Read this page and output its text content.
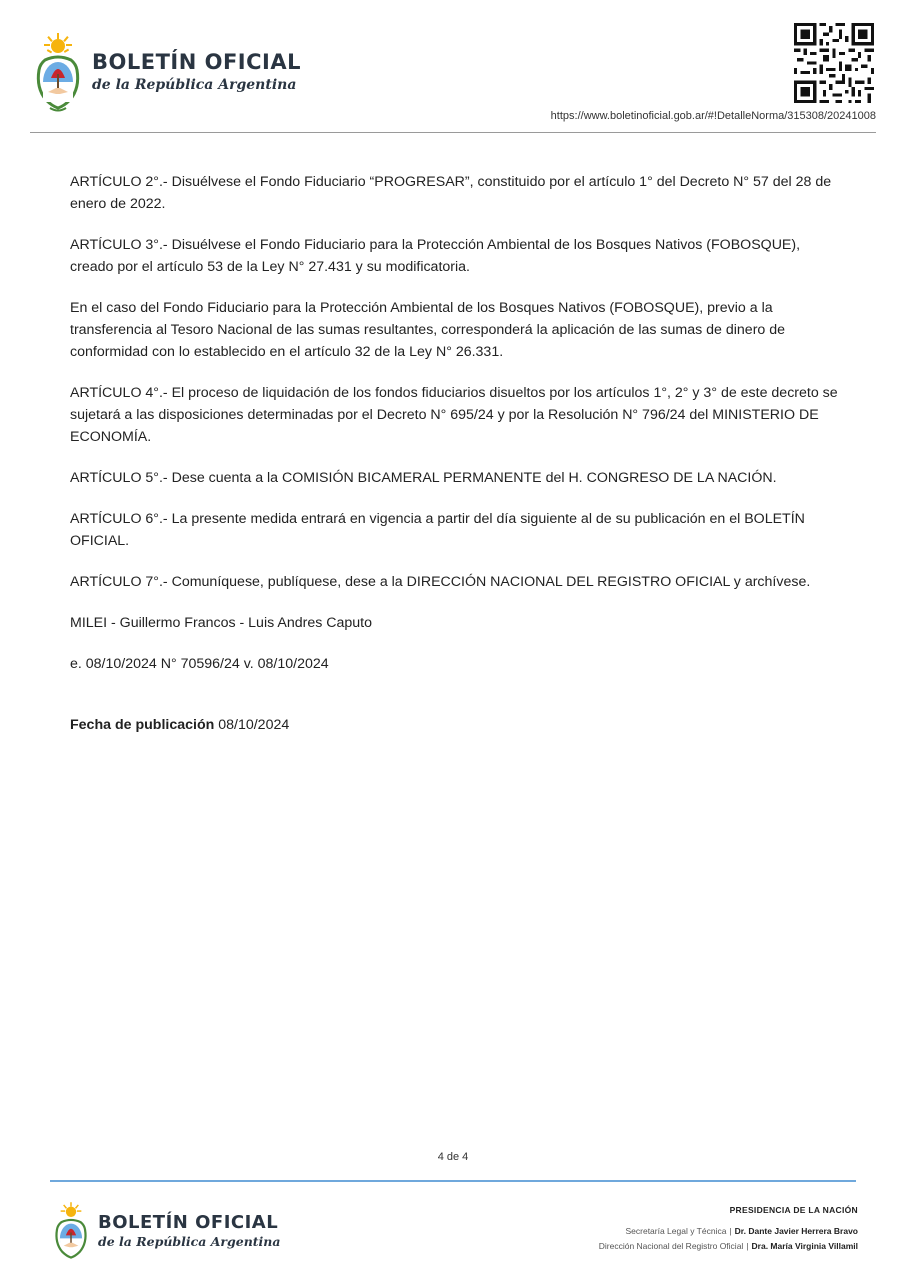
BOLETÍN OFICIAL
de la República Argentina
https://www.boletinoficial.gob.ar/#!DetalleNorma/315308/20241008

ARTÍCULO 2°.- Disuélvese el Fondo Fiduciario “PROGRESAR”, constituido por el artículo 1° del Decreto N° 57 del 28 de enero de 2022.

ARTÍCULO 3°.- Disuélvese el Fondo Fiduciario para la Protección Ambiental de los Bosques Nativos (FOBOSQUE), creado por el artículo 53 de la Ley N° 27.431 y su modificatoria.

En el caso del Fondo Fiduciario para la Protección Ambiental de los Bosques Nativos (FOBOSQUE), previo a la transferencia al Tesoro Nacional de las sumas resultantes, corresponderá la aplicación de las sumas de dinero de conformidad con lo establecido en el artículo 32 de la Ley N° 26.331.

ARTÍCULO 4°.- El proceso de liquidación de los fondos fiduciarios disueltos por los artículos 1°, 2° y 3° de este decreto se sujetará a las disposiciones determinadas por el Decreto N° 695/24 y por la Resolución N° 796/24 del MINISTERIO DE ECONOMÍA.

ARTÍCULO 5°.- Dese cuenta a la COMISIÓN BICAMERAL PERMANENTE del H. CONGRESO DE LA NACIÓN.

ARTÍCULO 6°.- La presente medida entrará en vigencia a partir del día siguiente al de su publicación en el BOLETÍN OFICIAL.

ARTÍCULO 7°.- Comuníquese, publíquese, dese a la DIRECCIÓN NACIONAL DEL REGISTRO OFICIAL y archívese.

MILEI - Guillermo Francos - Luis Andres Caputo

e. 08/10/2024 N° 70596/24 v. 08/10/2024

Fecha de publicación 08/10/2024

4 de 4
BOLETÍN OFICIAL
de la República Argentina
PRESIDENCIA DE LA NACIÓN
Secretaría Legal y Técnica | Dr. Dante Javier Herrera Bravo
Dirección Nacional del Registro Oficial | Dra. María Virginia Villamil
